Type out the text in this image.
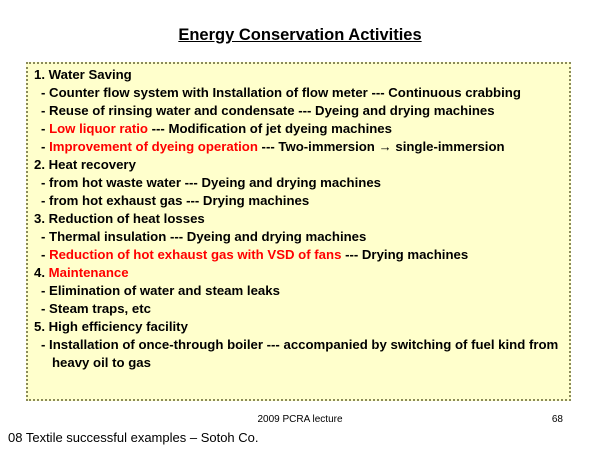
Energy Conservation Activities
1. Water Saving
- Counter flow system with Installation of flow meter --- Continuous crabbing
- Reuse of rinsing water and condensate --- Dyeing and drying machines
- Low liquor ratio --- Modification of jet dyeing machines
- Improvement of dyeing operation --- Two-immersion → single-immersion
2. Heat recovery
- from hot waste water --- Dyeing and drying machines
- from hot exhaust gas --- Drying machines
3. Reduction of heat losses
- Thermal insulation --- Dyeing and drying machines
- Reduction of hot exhaust gas with VSD of fans --- Drying machines
4. Maintenance
- Elimination of water and steam leaks
- Steam traps, etc
5. High efficiency facility
- Installation of once-through boiler --- accompanied by switching of fuel kind from heavy oil to gas
2009 PCRA lecture	68
08 Textile successful examples – Sotoh Co.
